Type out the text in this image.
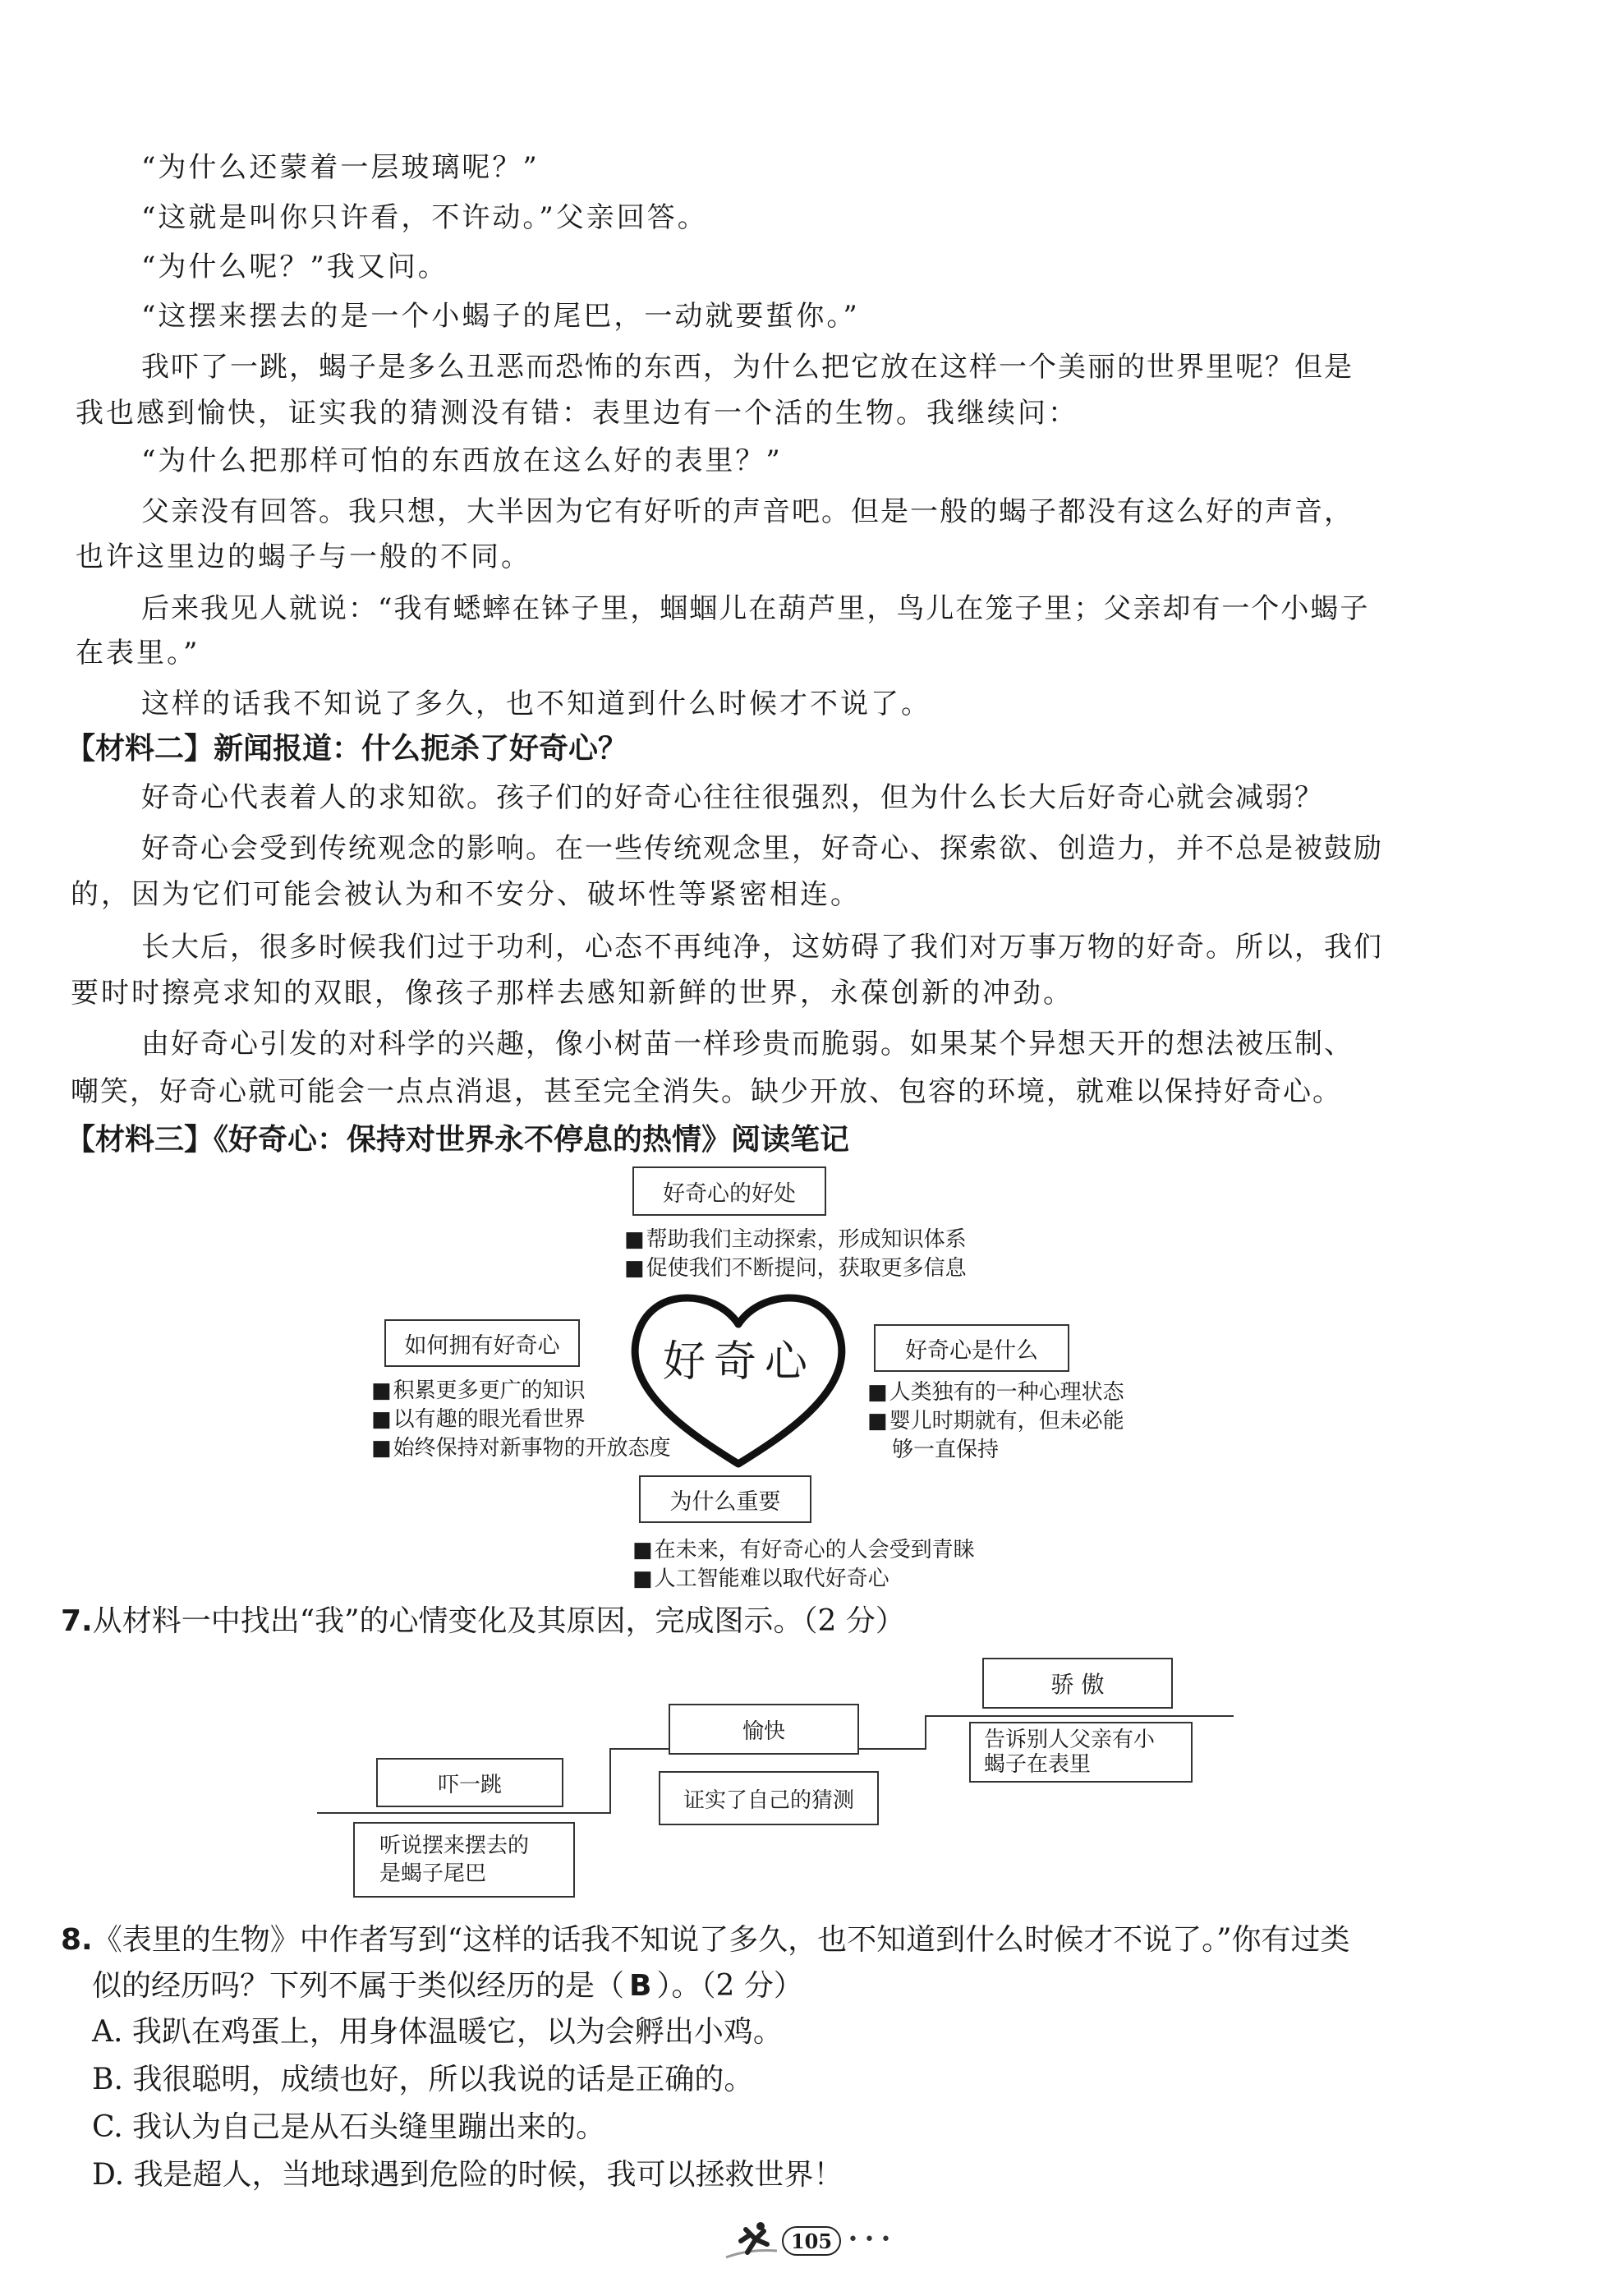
“为什么还蒙着一层玻璃呢？”
“这就是叫你只许看，不许动。”父亲回答。
“为什么呢？”我又问。
“这摆来摆去的是一个小蝎子的尾巴，一动就要蜇你。”
我吓了一跳，蝎子是多么丑恶而恐怖的东西，为什么把它放在这样一个美丽的世界里呢？但是
我也感到愉快，证实我的猜测没有错：表里边有一个活的生物。我继续问：
“为什么把那样可怕的东西放在这么好的表里？”
父亲没有回答。我只想，大半因为它有好听的声音吧。但是一般的蝎子都没有这么好的声音，
也许这里边的蝎子与一般的不同。
后来我见人就说：“我有蟋蟀在钵子里，蝈蝈儿在葫芦里，鸟儿在笼子里；父亲却有一个小蝎子
在表里。”
这样的话我不知说了多久，也不知道到什么时候才不说了。
【材料二】新闻报道：什么扼杀了好奇心？
好奇心代表着人的求知欲。孩子们的好奇心往往很强烈，但为什么长大后好奇心就会减弱？
好奇心会受到传统观念的影响。在一些传统观念里，好奇心、探索欲、创造力，并不总是被鼓励
的，因为它们可能会被认为和不安分、破坏性等紧密相连。
长大后，很多时候我们过于功利，心态不再纯净，这妨碍了我们对万事万物的好奇。所以，我们
要时时擦亮求知的双眼，像孩子那样去感知新鲜的世界，永葆创新的冲劲。
由好奇心引发的对科学的兴趣，像小树苗一样珍贵而脆弱。如果某个异想天开的想法被压制、
嘲笑，好奇心就可能会一点点消退，甚至完全消失。缺少开放、包容的环境，就难以保持好奇心。
【材料三】《好奇心：保持对世界永不停息的热情》阅读笔记
好奇心的好处
■ 帮助我们主动探索，形成知识体系
■ 促使我们不断提问，获取更多信息
好奇心
如何拥有好奇心
■ 积累更多更广的知识
■ 以有趣的眼光看世界
■ 始终保持对新事物的开放态度
好奇心是什么
■ 人类独有的一种心理状态
■ 婴儿时期就有，但未必能
够一直保持
为什么重要
■ 在未来，有好奇心的人会受到青睐
■ 人工智能难以取代好奇心
7.从材料一中找出“我”的心情变化及其原因，完成图示。（2 分）
吓一跳
听说摆来摆去的
是蝎子尾巴
愉快
证实了自己的猜测
骄 傲
告诉别人父亲有小
蝎子在表里
8.《表里的生物》中作者写到“这样的话我不知说了多久，也不知道到什么时候才不说了。”你有过类
似的经历吗？下列不属于类似经历的是（ B ）。（2 分）
A. 我趴在鸡蛋上，用身体温暖它，以为会孵出小鸡。
B. 我很聪明，成绩也好，所以我说的话是正确的。
C. 我认为自己是从石头缝里蹦出来的。
D. 我是超人，当地球遇到危险的时候，我可以拯救世界！
105 • • •
